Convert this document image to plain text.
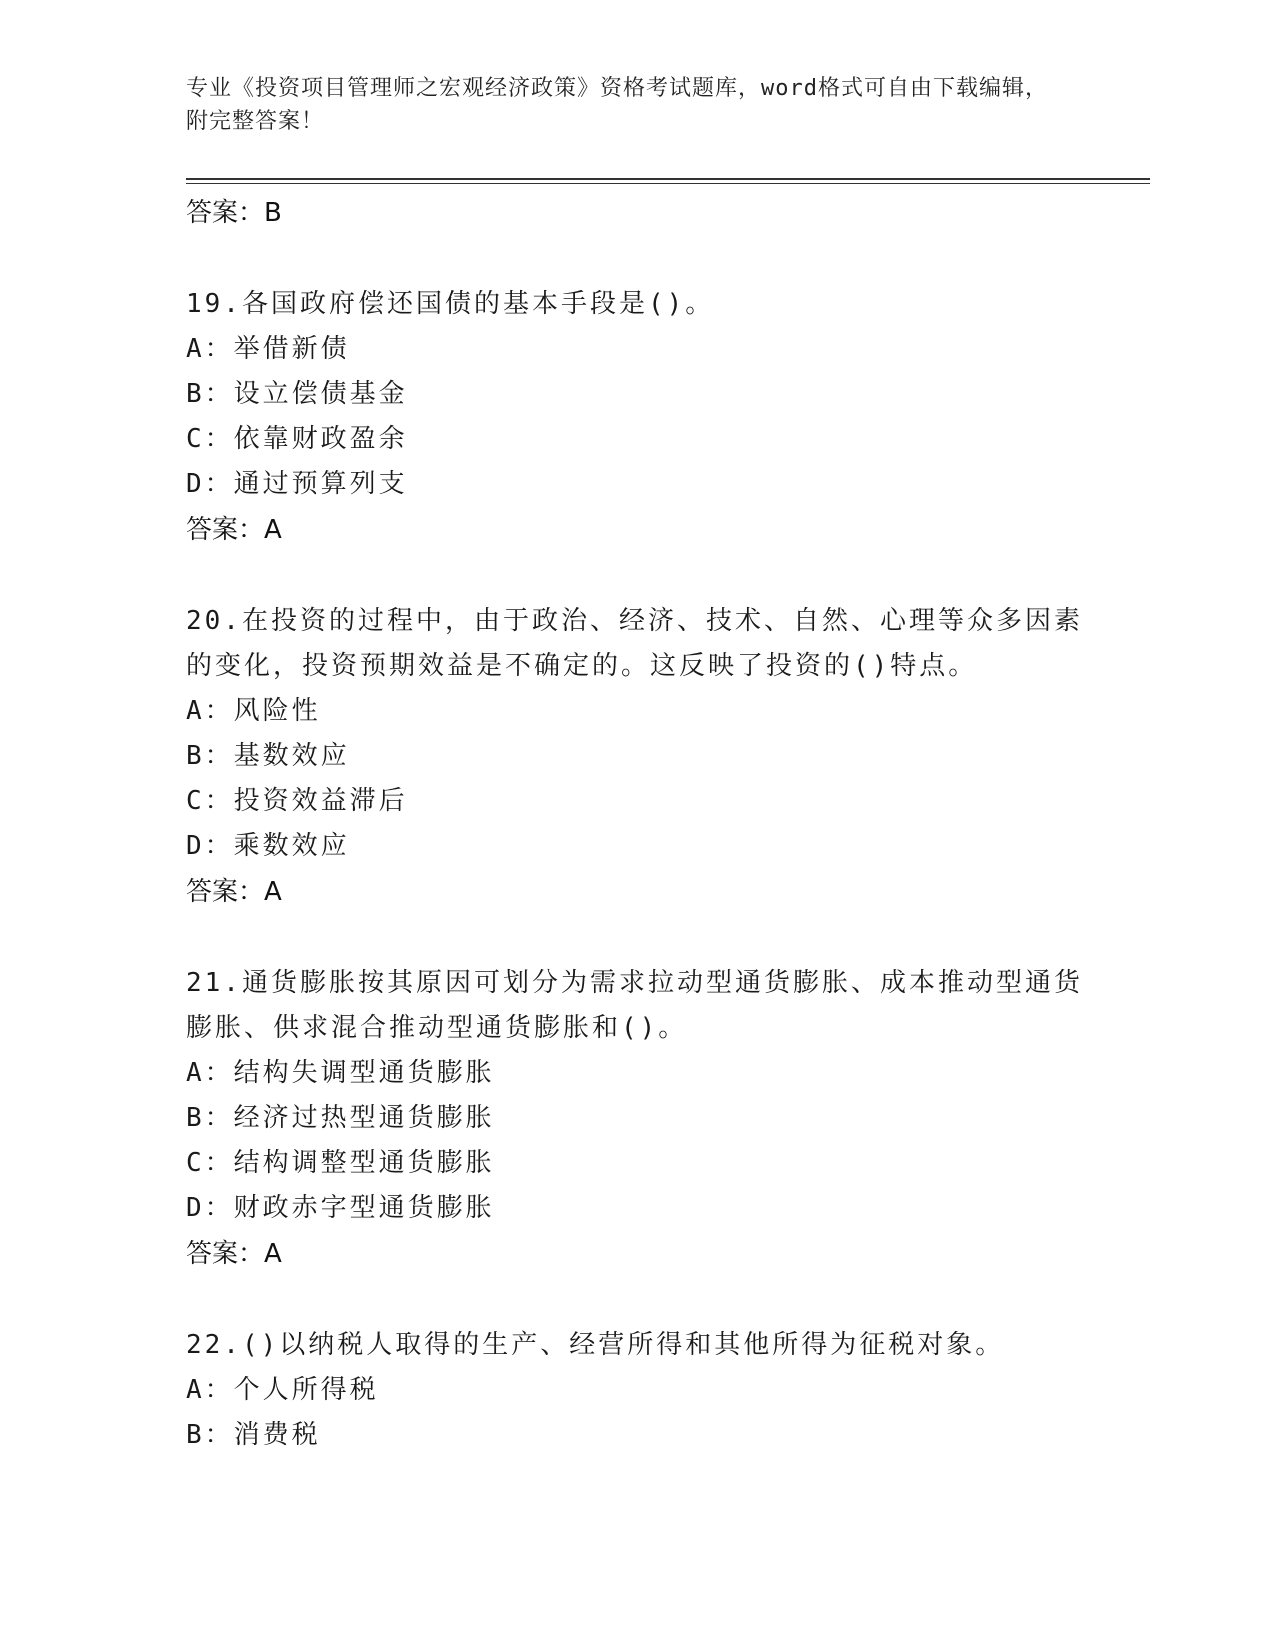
专业《投资项目管理师之宏观经济政策》资格考试题库，word格式可自由下载编辑，附完整答案！
答案：B
19.各国政府偿还国债的基本手段是()。
A：举借新债
B：设立偿债基金
C：依靠财政盈余
D：通过预算列支
答案：A
20.在投资的过程中，由于政治、经济、技术、自然、心理等众多因素
的变化，投资预期效益是不确定的。这反映了投资的()特点。
A：风险性
B：基数效应
C：投资效益滞后
D：乘数效应
答案：A
21.通货膨胀按其原因可划分为需求拉动型通货膨胀、成本推动型通货
膨胀、供求混合推动型通货膨胀和()。
A：结构失调型通货膨胀
B：经济过热型通货膨胀
C：结构调整型通货膨胀
D：财政赤字型通货膨胀
答案：A
22.()以纳税人取得的生产、经营所得和其他所得为征税对象。
A：个人所得税
B：消费税
